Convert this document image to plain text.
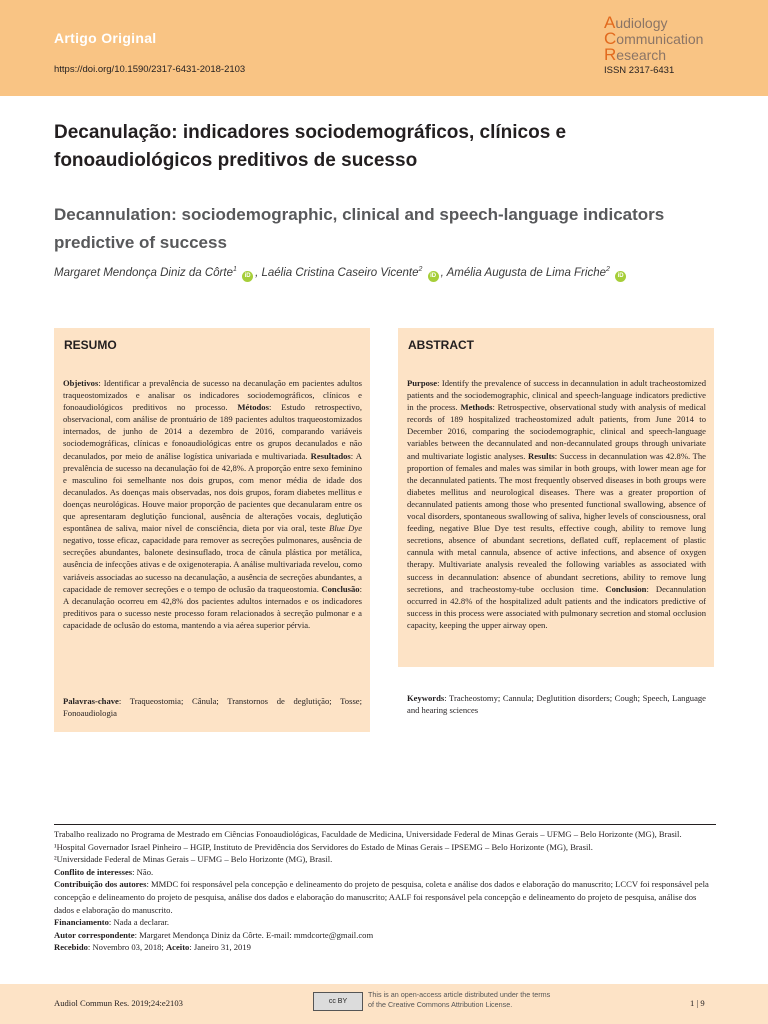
Artigo Original
https://doi.org/10.1590/2317-6431-2018-2103
Audiology
Communication
Research
ISSN 2317-6431
Decanulação: indicadores sociodemográficos, clínicos e fonoaudiológicos preditivos de sucesso
Decannulation: sociodemographic, clinical and speech-language indicators predictive of success
Margaret Mendonça Diniz da Côrte$^1$ iD , Laélia Cristina Caseiro Vicente$^2$ iD , Amélia Augusta de Lima Friche$^2$ iD
RESUMO
Objetivos: Identificar a prevalência de sucesso na decanulação em pacientes adultos traqueostomizados e analisar os indicadores sociodemográficos, clínicos e fonoaudiológicos preditivos no processo. Métodos: Estudo retrospectivo, observacional, com análise de prontuário de 189 pacientes adultos traqueostomizados internados, de junho de 2014 a dezembro de 2016, comparando variáveis sociodemográficas, clínicas e fonoaudiológicas entre os grupos decanulados e não decanulados, por meio de análise logística univariada e multivariada. Resultados: A prevalência de sucesso na decanulação foi de 42,8%. A proporção entre sexo feminino e masculino foi semelhante nos dois grupos, com menor média de idade dos decanulados. As doenças mais observadas, nos dois grupos, foram diabetes mellitus e doenças neurológicas. Houve maior proporção de pacientes que decanularam entre os que apresentaram deglutição funcional, ausência de alterações vocais, deglutição espontânea de saliva, maior nível de consciência, dieta por via oral, teste Blue Dye negativo, tosse eficaz, capacidade para remover as secreções pulmonares, ausência de secreções abundantes, balonete desinsuflado, troca de cânula plástica por metálica, ausência de infecções ativas e de oxigenoterapia. A análise multivariada revelou, como variáveis associadas ao sucesso na decanulação, a ausência de secreções abundantes, a capacidade de remover secreções e o tempo de oclusão da traqueostomia. Conclusão: A decanulação ocorreu em 42,8% dos pacientes adultos internados e os indicadores preditivos para o sucesso neste processo foram relacionados à secreção pulmonar e a capacidade de oclusão do estoma, mantendo a via aérea superior pérvia.
Palavras-chave: Traqueostomia; Cânula; Transtornos de deglutição; Tosse; Fonoaudiologia
ABSTRACT
Purpose: Identify the prevalence of success in decannulation in adult tracheostomized patients and the sociodemographic, clinical and speech-language indicators predictive in the process. Methods: Retrospective, observational study with analysis of medical records of 189 hospitalized tracheostomized adult patients, from June 2014 to December 2016, comparing the sociodemographic, clinical and speech-language variables between the decannulated and non-decannulated groups through univariate and multivariate logistic analyses. Results: Success in decannulation was 42.8%. The proportion of females and males was similar in both groups, with lower mean age for the decannulated patients. The most frequently observed diseases in both groups were diabetes mellitus and neurological diseases. There was a greater proportion of decannulated patients among those who presented functional swallowing, absence of vocal disorders, spontaneous swallowing of saliva, higher levels of consciousness, oral feeding, negative Blue Dye test results, effective cough, ability to remove lung secretions, absence of abundant secretions, deflated cuff, replacement of plastic cannula with metal cannula, absence of active infections, and absence of oxygen therapy. Multivariate analysis revealed the following variables as associated with success in decannulation: absence of abundant secretions, ability to remove lung secretions, and tracheostomy-tube occlusion time. Conclusion: Decannulation occurred in 42.8% of the hospitalized adult patients and the indicators predictive of success in this process were associated with pulmonary secretion and stomal occlusion capacity, keeping the upper airway open.
Keywords: Tracheostomy; Cannula; Deglutition disorders; Cough; Speech, Language and hearing sciences
Trabalho realizado no Programa de Mestrado em Ciências Fonoaudiológicas, Faculdade de Medicina, Universidade Federal de Minas Gerais – UFMG – Belo Horizonte (MG), Brasil.
¹Hospital Governador Israel Pinheiro – HGIP, Instituto de Previdência dos Servidores do Estado de Minas Gerais – IPSEMG – Belo Horizonte (MG), Brasil.
²Universidade Federal de Minas Gerais – UFMG – Belo Horizonte (MG), Brasil.
Conflito de interesses: Não.
Contribuição dos autores: MMDC foi responsável pela concepção e delineamento do projeto de pesquisa, coleta e análise dos dados e elaboração do manuscrito; LCCV foi responsável pela concepção e delineamento do projeto de pesquisa, análise dos dados e elaboração do manuscrito; AALF foi responsável pela concepção e delineamento do projeto de pesquisa, análise dos dados e elaboração do manuscrito.
Financiamento: Nada a declarar.
Autor correspondente: Margaret Mendonça Diniz da Côrte. E-mail: mmdcorte@gmail.com
Recebido: Novembro 03, 2018; Aceito: Janeiro 31, 2019
Audiol Commun Res. 2019;24:e2103	cc BY
This is an open-access article distributed under the terms of the Creative Commons Attribution License.	1 | 9
